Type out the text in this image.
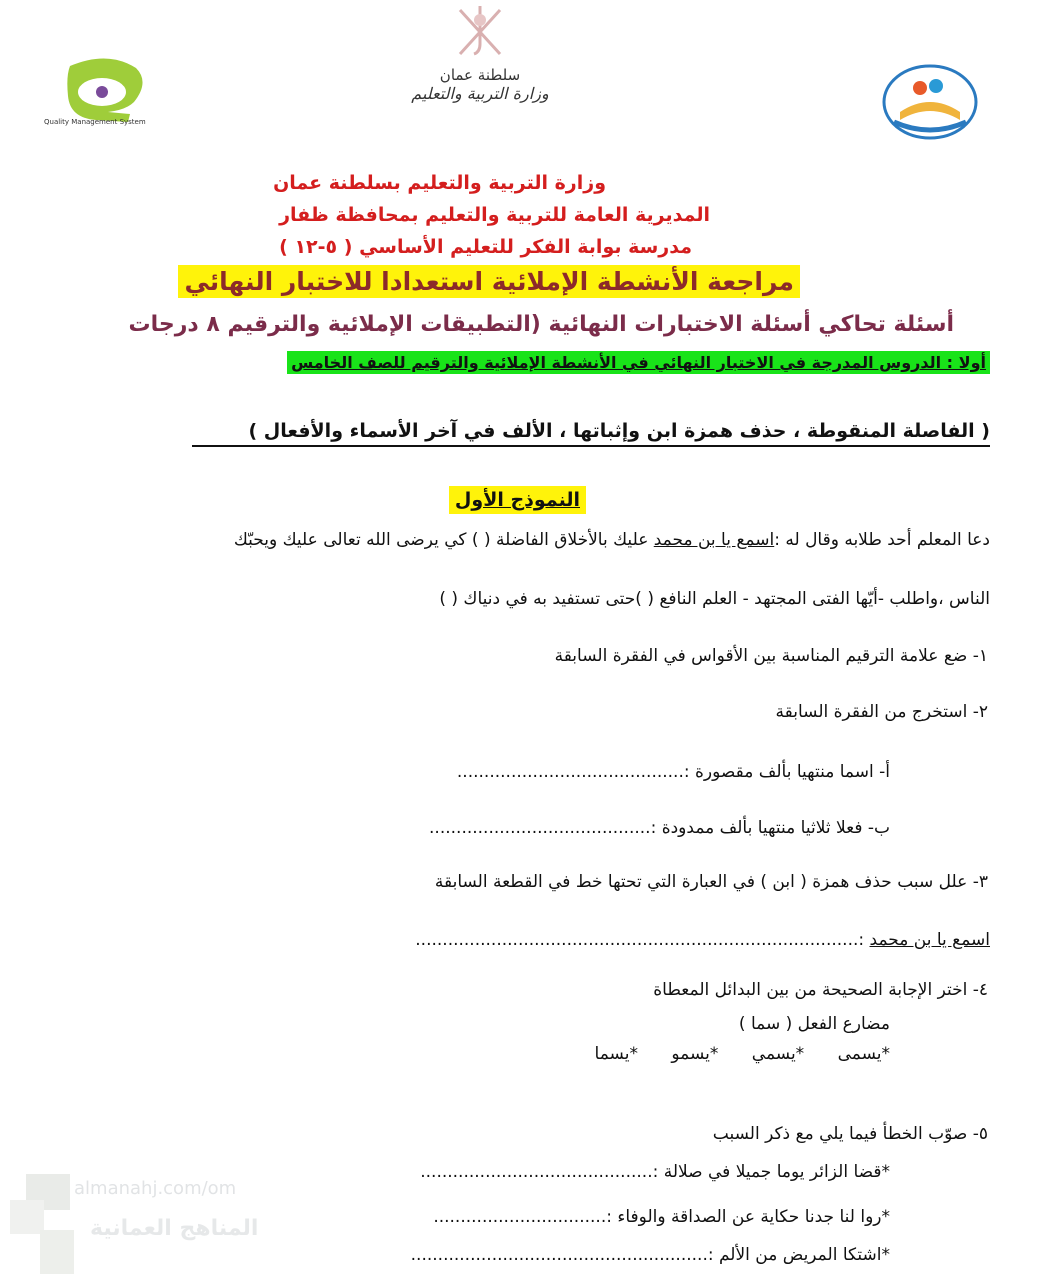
Quality Management System
سلطنة عمان
وزارة التربية والتعليم
وزارة التربية والتعليم بسلطنة عمان
المديرية العامة للتربية والتعليم بمحافظة ظفار
مدرسة بوابة الفكر للتعليم الأساسي ( ٥-١٢ )
مراجعة الأنشطة الإملائية استعدادا للاختبار النهائي
أسئلة تحاكي أسئلة الاختبارات النهائية (التطبيقات الإملائية والترقيم ٨ درجات
أولا : الدروس المدرجة في الاختبار النهائي في الأنشطة الإملائية والترقيم للصف الخامس
( الفاصلة المنقوطة ، حذف همزة ابن وإثباتها ، الألف في آخر الأسماء والأفعال )
النموذج الأول
دعا المعلم أحد طلابه وقال له :اسمع يا بن محمد عليك بالأخلاق الفاضلة ( ) كي يرضى الله تعالى عليك ويحبّك
الناس ،واطلب -أيّها الفتى المجتهد - العلم النافع ( )حتى تستفيد به في دنياك ( )
١- ضع علامة الترقيم المناسبة بين الأقواس في الفقرة السابقة
٢- استخرج من الفقرة السابقة
أ- اسما منتهيا بألف مقصورة :..........................................
ب- فعلا ثلاثيا منتهيا بألف ممدودة :.........................................
٣- علل سبب حذف همزة ( ابن ) في العبارة التي تحتها خط في القطعة السابقة
اسمع يا بن محمد :..................................................................................
٤- اختر الإجابة الصحيحة من بين البدائل المعطاة
مضارع الفعل ( سما )
*يسمى *يسمي *يسمو *يسما
٥- صوّب الخطأ فيما يلي مع ذكر السبب
*قضا الزائر يوما جميلا في صلالة :...........................................
*روا لنا جدنا حكاية عن الصداقة والوفاء :................................
*اشتكا المريض من الألم :.......................................................
almanahj.com/om
المناهج العمانية
